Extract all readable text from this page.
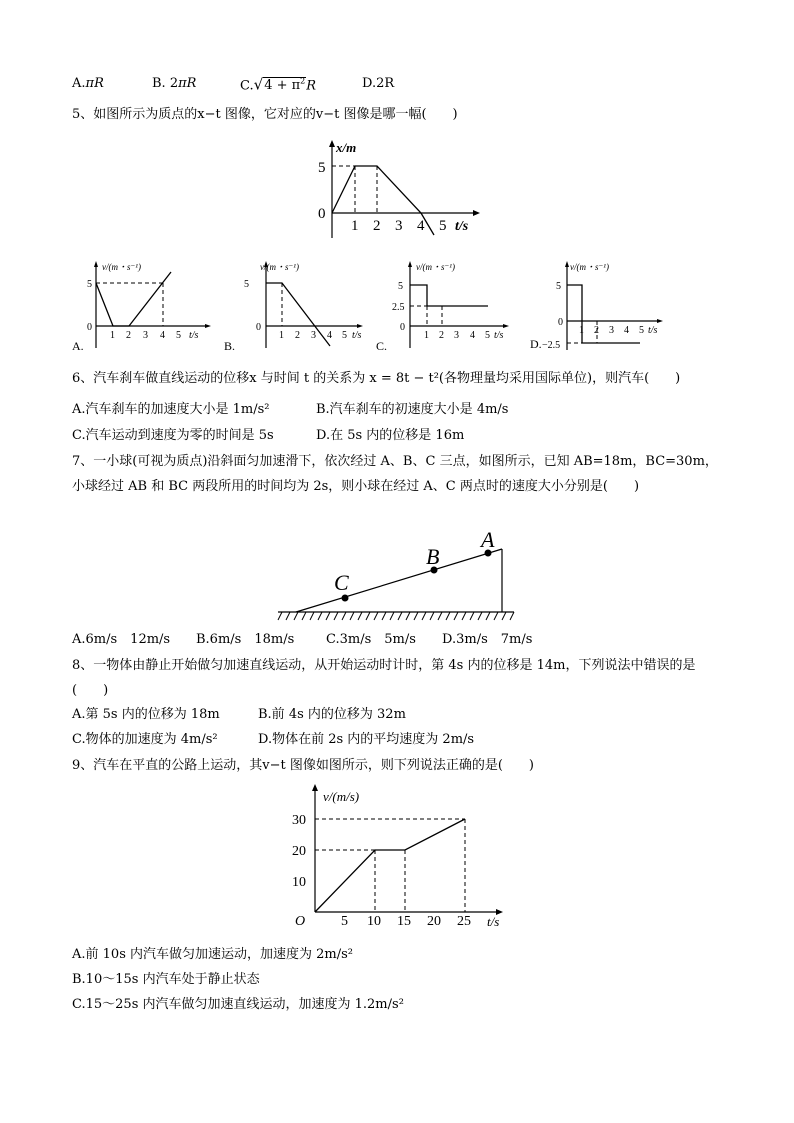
A.πR	B. 2πR	$C.√4 + \pi^2R$	D.2R
5、如图所示为质点的x−t 图像，它对应的v−t 图像是哪一幅(　　)
x/m
5
0
1 2 3 4 5 t/s
v/(m・s⁻¹)
5
0
1 2 3 4 5 t/s
A.
v/(m・s⁻¹)
5
0
1 2 3 4 5 t/s
B.
v/(m・s⁻¹)
5
2.5
0
1 2 3 4 5 t/s
C.
v/(m・s⁻¹)
5
0
1 2 3 4 5 t/s
D. −2.5
6、汽车刹车做直线运动的位移x 与时间 t 的关系为 x = 8t − t²(各物理量均采用国际单位)，则汽车(　　)
A.汽车刹车的加速度大小是 1m/s²	B.汽车刹车的初速度大小是 4m/s
C.汽车运动到速度为零的时间是 5s	D.在 5s 内的位移是 16m
7、一小球(可视为质点)沿斜面匀加速滑下，依次经过 A、B、C 三点，如图所示，已知 AB=18m，BC=30m，小球经过 AB 和 BC 两段所用的时间均为 2s，则小球在经过 A、C 两点时的速度大小分别是(　　)
C
B
A
A.6m/s　12m/s B.6m/s　18m/s C.3m/s　5m/s D.3m/s　7m/s
8、一物体由静止开始做匀加速直线运动，从开始运动时计时，第 4s 内的位移是 14m，下列说法中错误的是(　　)
A.第 5s 内的位移为 18m	B.前 4s 内的位移为 32m
C.物体的加速度为 4m/s²	D.物体在前 2s 内的平均速度为 2m/s
9、汽车在平直的公路上运动，其v−t 图像如图所示，则下列说法正确的是(　　)
v/(m/s)
30
20
10
O	5 10 15 20 25 t/s
A.前 10s 内汽车做匀加速运动，加速度为 2m/s²
B.10～15s 内汽车处于静止状态
C.15～25s 内汽车做匀加速直线运动，加速度为 1.2m/s²
